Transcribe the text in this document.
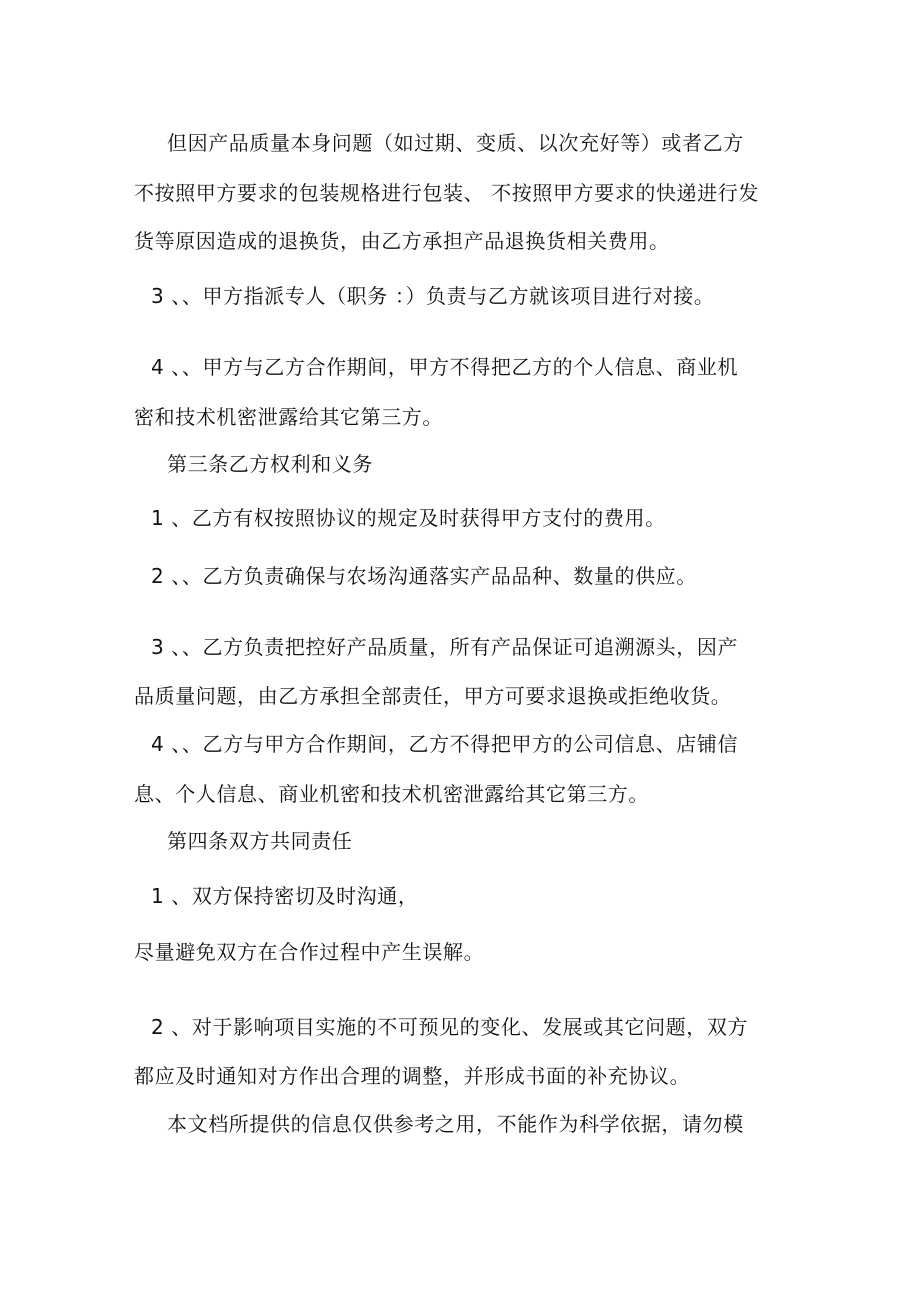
但因产品质量本身问题（如过期、变质、以次充好等）或者乙方
不按照甲方要求的包装规格进行包装、 不按照甲方要求的快递进行发
货等原因造成的退换货，由乙方承担产品退换货相关费用。
3 、、甲方指派专人（职务 ：）负责与乙方就该项目进行对接。
4 、、甲方与乙方合作期间，甲方不得把乙方的个人信息、商业机
密和技术机密泄露给其它第三方。
第三条乙方权利和义务
1 、乙方有权按照协议的规定及时获得甲方支付的费用。
2 、、乙方负责确保与农场沟通落实产品品种、数量的供应。
3 、、乙方负责把控好产品质量，所有产品保证可追溯源头，因产
品质量问题，由乙方承担全部责任，甲方可要求退换或拒绝收货。
4 、、乙方与甲方合作期间，乙方不得把甲方的公司信息、店铺信
息、个人信息、商业机密和技术机密泄露给其它第三方。
第四条双方共同责任
1 、双方保持密切及时沟通，
尽量避免双方在合作过程中产生误解。
2 、对于影响项目实施的不可预见的变化、发展或其它问题，双方
都应及时通知对方作出合理的调整，并形成书面的补充协议。
本文档所提供的信息仅供参考之用，不能作为科学依据，请勿模
